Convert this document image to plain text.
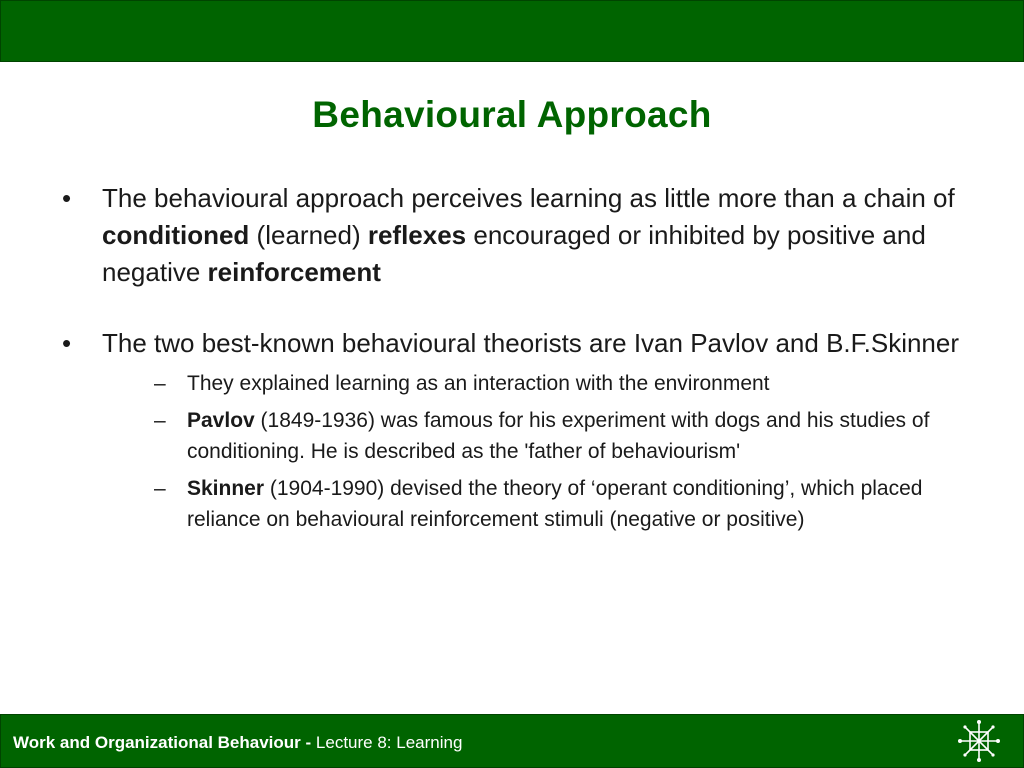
Behavioural Approach
•	The behavioural approach perceives learning as little more than a chain of conditioned (learned) reflexes encouraged or inhibited by positive and negative reinforcement
•	The two best-known behavioural theorists are Ivan Pavlov and B.F.Skinner
– They explained learning as an interaction with the environment
– Pavlov (1849-1936) was famous for his experiment with dogs and his studies of conditioning. He is described as the 'father of behaviourism'
– Skinner (1904-1990) devised the theory of ‘operant conditioning’, which placed reliance on behavioural reinforcement stimuli (negative or positive)
Work and Organizational Behaviour - Lecture 8: Learning
